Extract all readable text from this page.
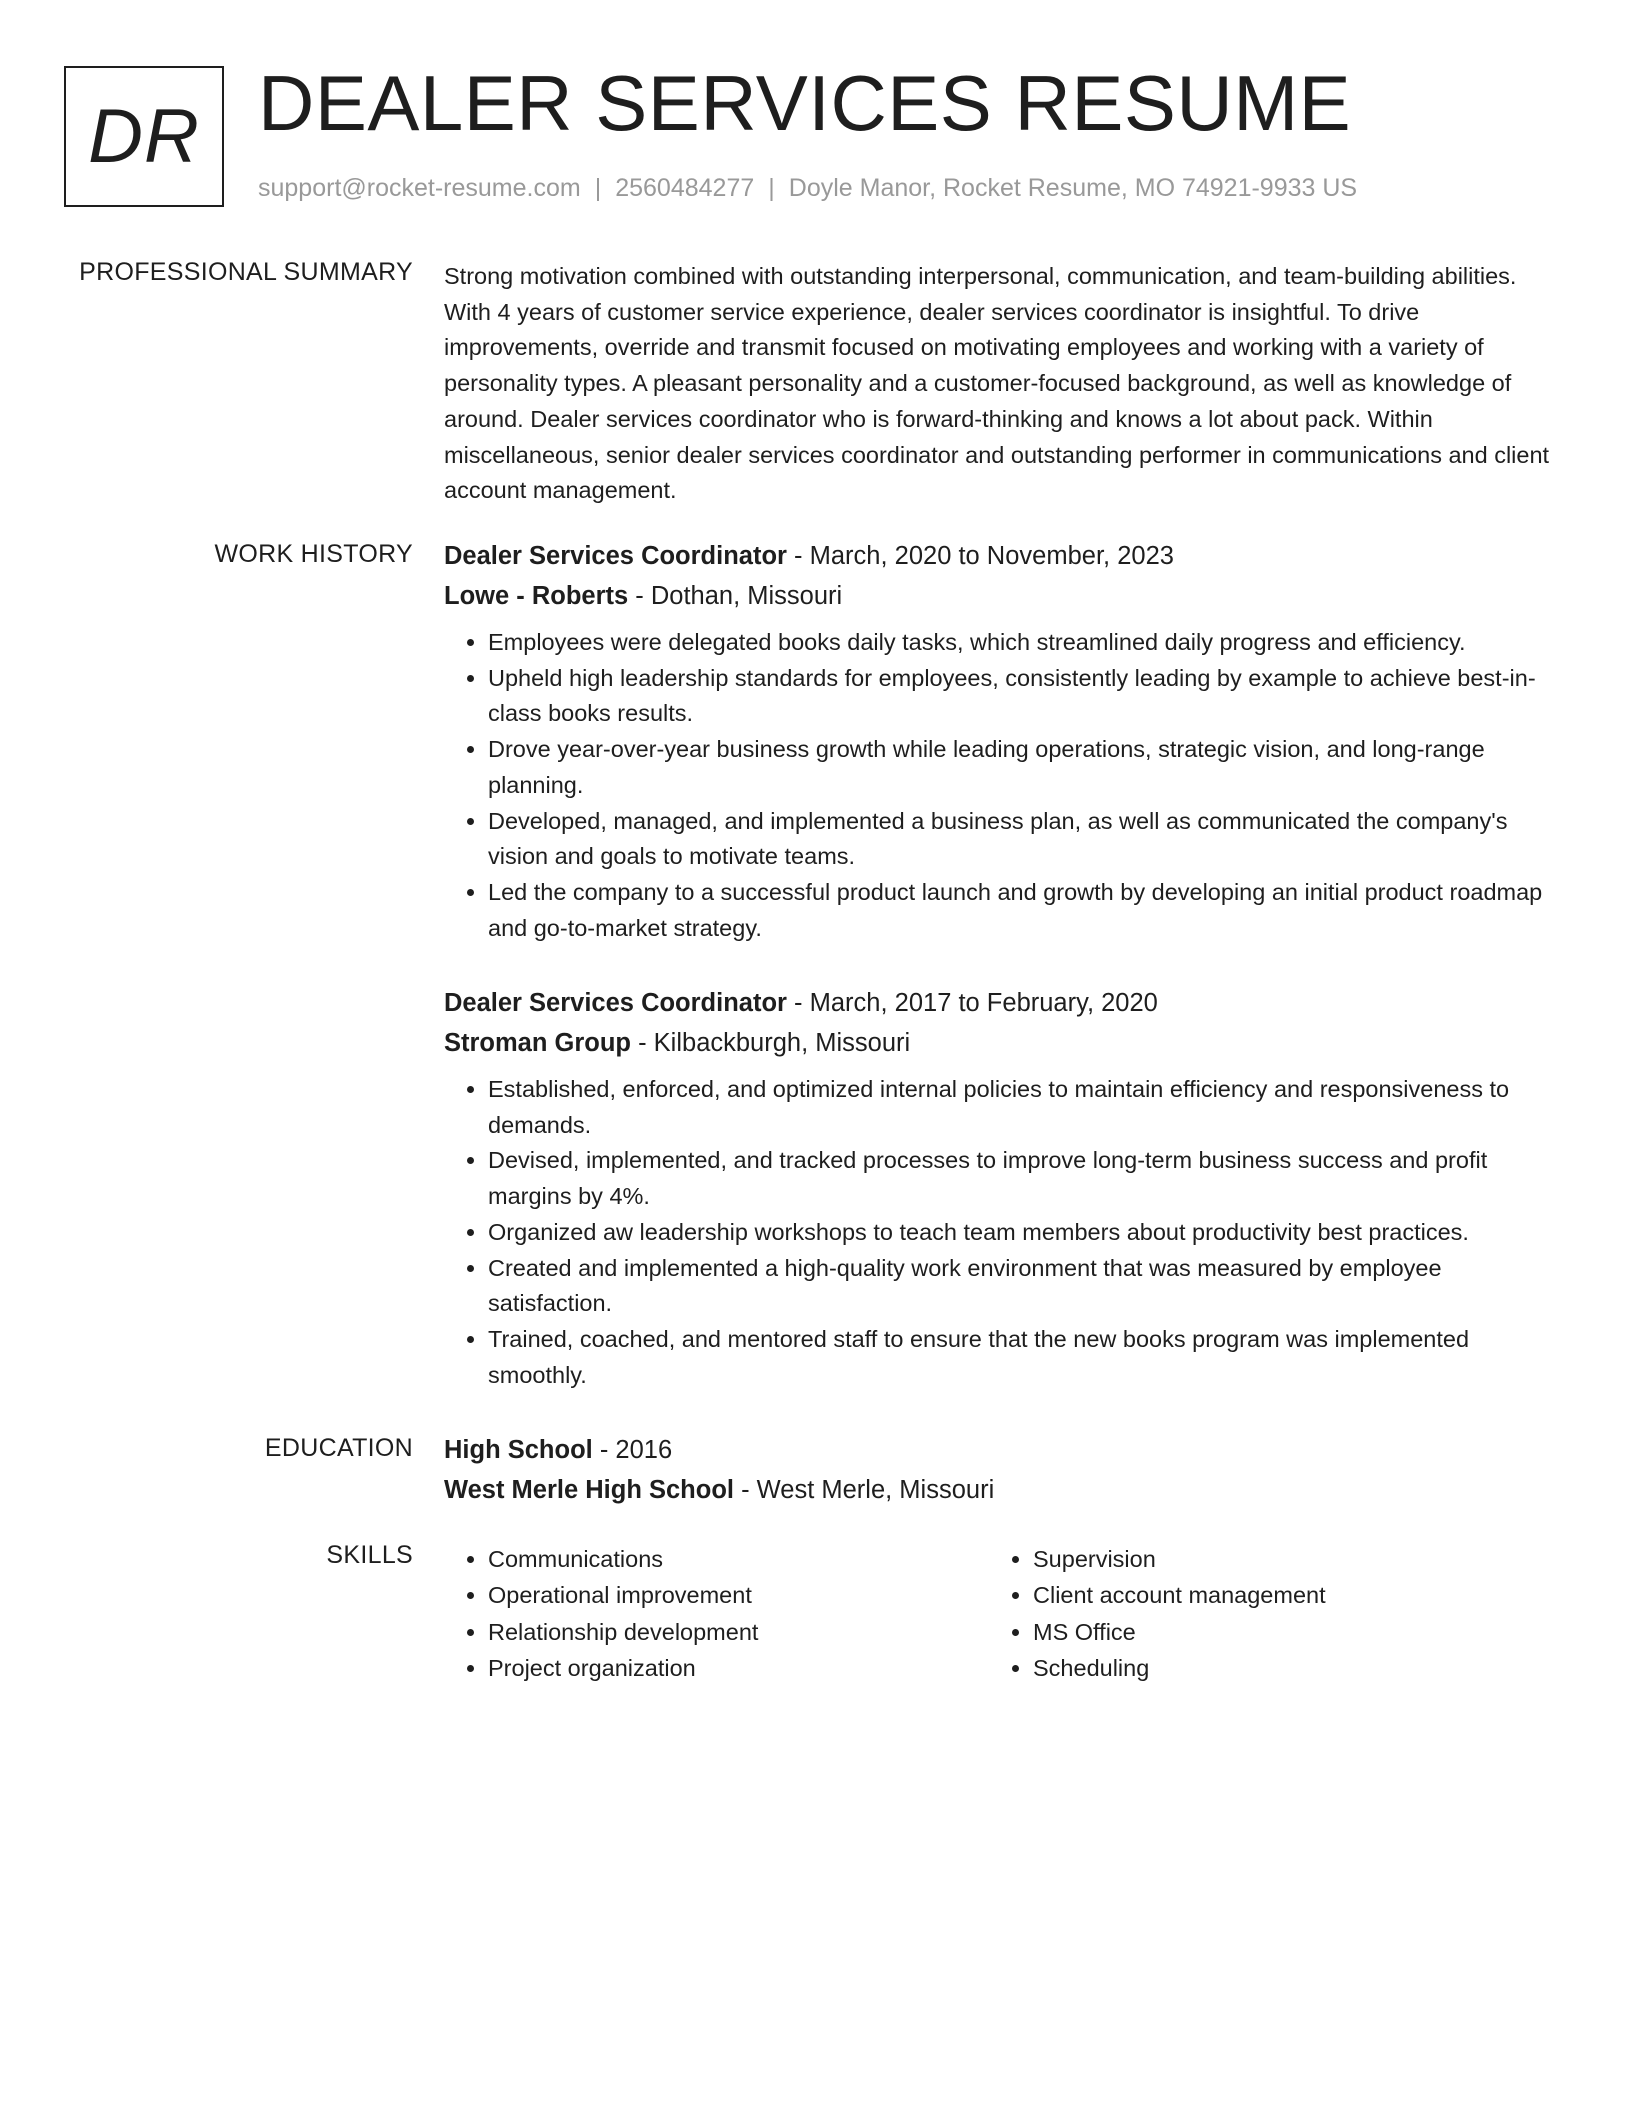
DR DEALER SERVICES RESUME
support@rocket-resume.com | 2560484277 | Doyle Manor, Rocket Resume, MO 74921-9933 US
PROFESSIONAL SUMMARY Strong motivation combined with outstanding interpersonal, communication, and team-building abilities. With 4 years of customer service experience, dealer services coordinator is insightful. To drive improvements, override and transmit focused on motivating employees and working with a variety of personality types. A pleasant personality and a customer-focused background, as well as knowledge of around. Dealer services coordinator who is forward-thinking and knows a lot about pack. Within miscellaneous, senior dealer services coordinator and outstanding performer in communications and client account management.
WORK HISTORY Dealer Services Coordinator - March, 2020 to November, 2023
Lowe - Roberts - Dothan, Missouri
• Employees were delegated books daily tasks, which streamlined daily progress and efficiency.
• Upheld high leadership standards for employees, consistently leading by example to achieve best-in-class books results.
• Drove year-over-year business growth while leading operations, strategic vision, and long-range planning.
• Developed, managed, and implemented a business plan, as well as communicated the company's vision and goals to motivate teams.
• Led the company to a successful product launch and growth by developing an initial product roadmap and go-to-market strategy.
Dealer Services Coordinator - March, 2017 to February, 2020
Stroman Group - Kilbackburgh, Missouri
• Established, enforced, and optimized internal policies to maintain efficiency and responsiveness to demands.
• Devised, implemented, and tracked processes to improve long-term business success and profit margins by 4%.
• Organized aw leadership workshops to teach team members about productivity best practices.
• Created and implemented a high-quality work environment that was measured by employee satisfaction.
• Trained, coached, and mentored staff to ensure that the new books program was implemented smoothly.
EDUCATION High School - 2016
West Merle High School - West Merle, Missouri
SKILLS
•	Communications
• Operational improvement
• Relationship development
• Project organization
• Supervision
• Client account management
• MS Office
• Scheduling
